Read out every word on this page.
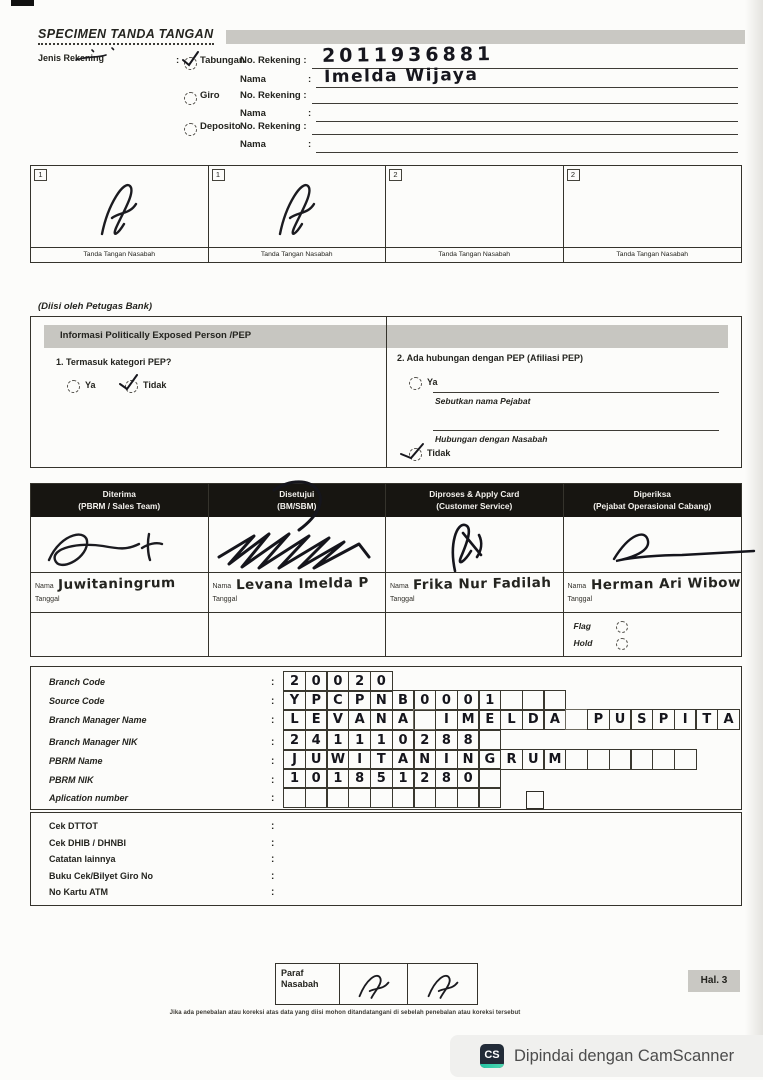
SPECIMEN TANDA TANGAN
Jenis Rekening	: Tabungan
No. Rekening : 2011936881
Nama	: Imelda Wijaya
Giro No. Rekening :
Nama	:
Deposito No. Rekening :
Nama	:
1
Tanda Tangan Nasabah
1
Tanda Tangan Nasabah
2
Tanda Tangan Nasabah
2
Tanda Tangan Nasabah
(Diisi oleh Petugas Bank)
Informasi Politically Exposed Person /PEP
1. Termasuk kategori PEP?
Ya	Tidak
2. Ada hubungan dengan PEP (Afiliasi PEP)
Ya
Sebutkan nama Pejabat
Hubungan dengan Nasabah
Tidak
Diterima
(PBRM / Sales Team)
Disetujui
(BM/SBM)
Diproses & Apply Card
(Customer Service)
Diperiksa
(Pejabat Operasional Cabang)
Nama Juwitaningrum
Tanggal
Nama Levana Imelda P
Tanggal
Nama Frika Nur Fadilah
Tanggal
Nama Herman Ari Wibow
Tanggal
Flag
Hold
Branch Code	:	2 0 0 2 0
Source Code	:	Y P C P N B 0 0 0 1
Branch Manager Name	:	L	E V A N A	I M E	L D A	P U S P	I	T A
Branch Manager NIK	:	2 4 1 1 1 0 2 8 8
PBRM Name	:	J	U W I	T A N	I	N G R U M
PBRM NIK	:	1 0 1 8 5 1 2 8 0
Aplication number	:
Cek DTTOT	:
Cek DHIB / DHNBI	:
Catatan lainnya	:
Buku Cek/Bilyet Giro No	:
No Kartu ATM	:
Paraf
Nasabah	Hal. 3
Jika ada penebalan atau koreksi atas data yang diisi mohon ditandatangani di sebelah penebalan atau koreksi tersebut
CS Dipindai dengan CamScanner
